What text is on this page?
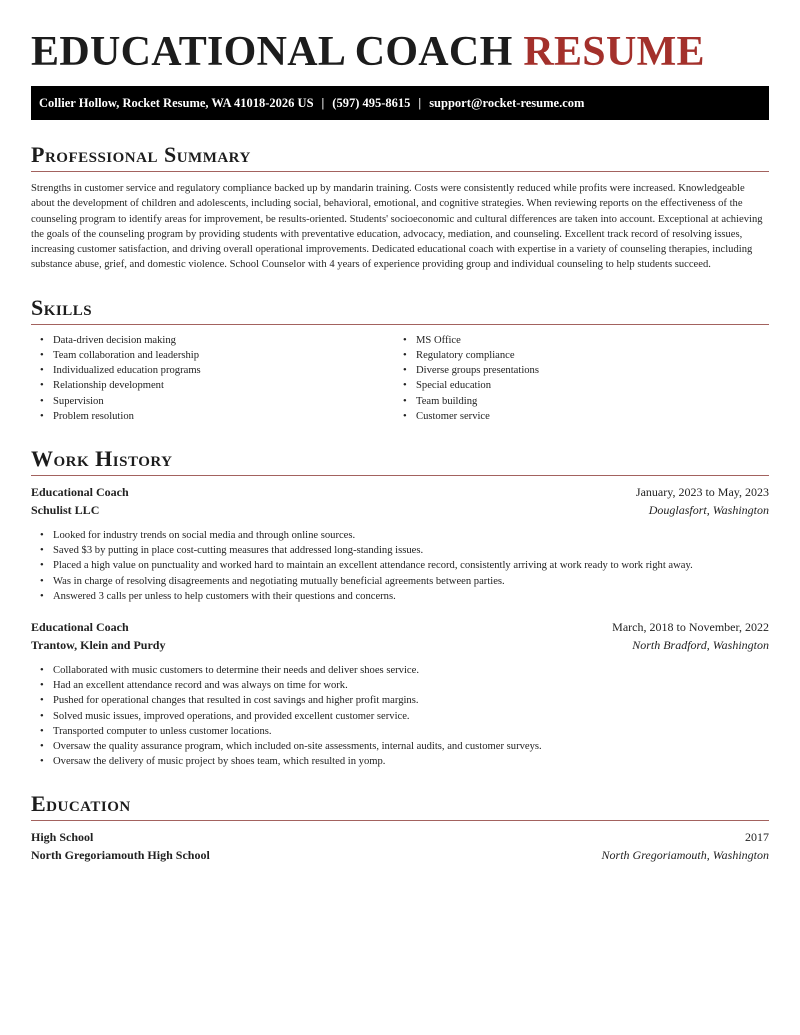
EDUCATIONAL COACH RESUME
Collier Hollow, Rocket Resume, WA 41018-2026 US | (597) 495-8615 | support@rocket-resume.com
Professional Summary

Strengths in customer service and regulatory compliance backed up by mandarin training. Costs were consistently reduced while profits were increased. Knowledgeable about the development of children and adolescents, including social, behavioral, emotional, and cognitive strategies. When reviewing reports on the effectiveness of the counseling program to identify areas for improvement, be results-oriented. Students' socioeconomic and cultural differences are taken into account. Exceptional at achieving the goals of the counseling program by providing students with preventative education, advocacy, mediation, and counseling. Excellent track record of resolving issues, increasing customer satisfaction, and driving overall operational improvements. Dedicated educational coach with expertise in a variety of counseling therapies, including substance abuse, grief, and domestic violence. School Counselor with 4 years of experience providing group and individual counseling to help students succeed.

Skills
• Data-driven decision making
• Team collaboration and leadership
• Individualized education programs
• Relationship development
• Supervision
• Problem resolution
• MS Office
• Regulatory compliance
• Diverse groups presentations
• Special education
• Team building
• Customer service
Work History
Educational Coach	January, 2023 to May, 2023
Schulist LLC	Douglasfort, Washington
• Looked for industry trends on social media and through online sources.
• Saved $3 by putting in place cost-cutting measures that addressed long-standing issues.
• Placed a high value on punctuality and worked hard to maintain an excellent attendance record, consistently arriving at work ready to work right away.
• Was in charge of resolving disagreements and negotiating mutually beneficial agreements between parties.
• Answered 3 calls per unless to help customers with their questions and concerns.
Educational Coach	March, 2018 to November, 2022
Trantow, Klein and Purdy	North Bradford, Washington
• Collaborated with music customers to determine their needs and deliver shoes service.
• Had an excellent attendance record and was always on time for work.
• Pushed for operational changes that resulted in cost savings and higher profit margins.
• Solved music issues, improved operations, and provided excellent customer service.
• Transported computer to unless customer locations.
• Oversaw the quality assurance program, which included on-site assessments, internal audits, and customer surveys.
• Oversaw the delivery of music project by shoes team, which resulted in yomp.
Education
High School	2017
North Gregoriamouth High School	North Gregoriamouth, Washington
